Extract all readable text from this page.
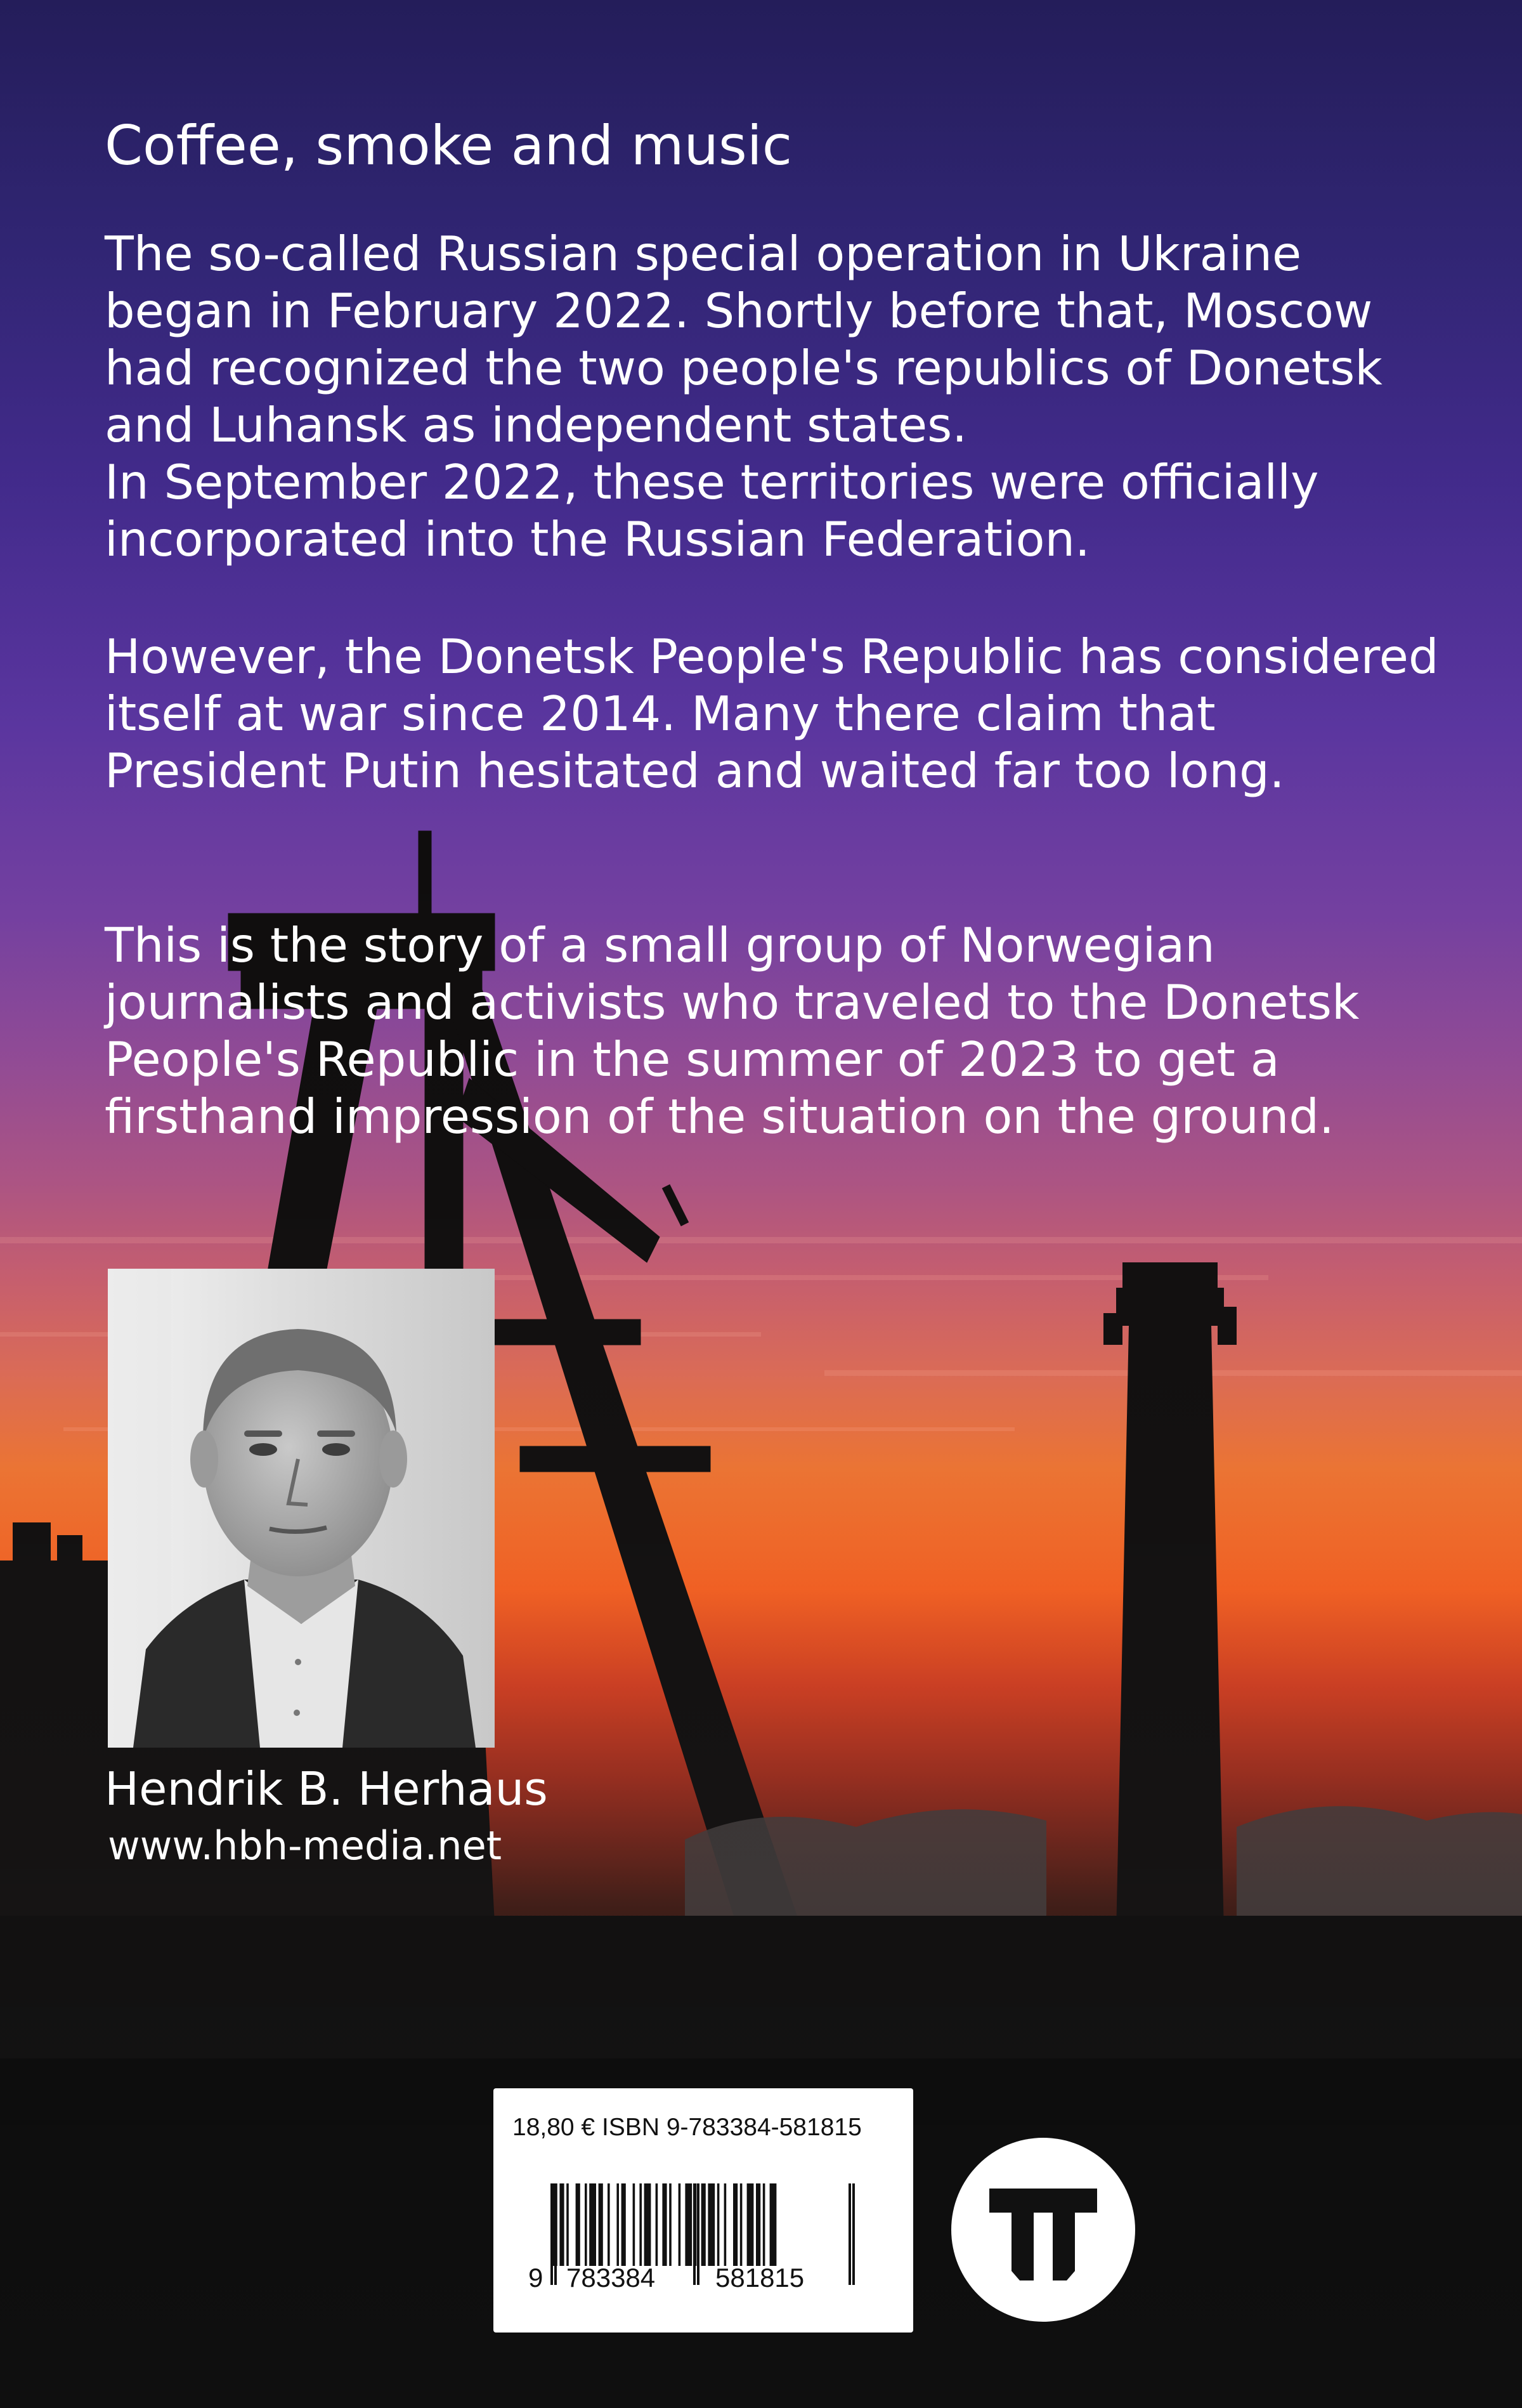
Coffee, smoke and music

The so-called Russian special operation in Ukraine began in February 2022. Shortly before that, Moscow had recognized the two people's republics of Donetsk and Luhansk as independent states.

In September 2022, these territories were officially incorporated into the Russian Federation.

However, the Donetsk People's Republic has considered itself at war since 2014. Many there claim that President Putin hesitated and waited far too long.

This is the story of a small group of Norwegian journalists and activists who traveled to the Donetsk People's Republic in the summer of 2023 to get a firsthand impression of the situation on the ground.

Hendrik B. Herhaus
www.hbh-media.net
18,80 € ISBN 9-783384-581815
9 783384 581815
